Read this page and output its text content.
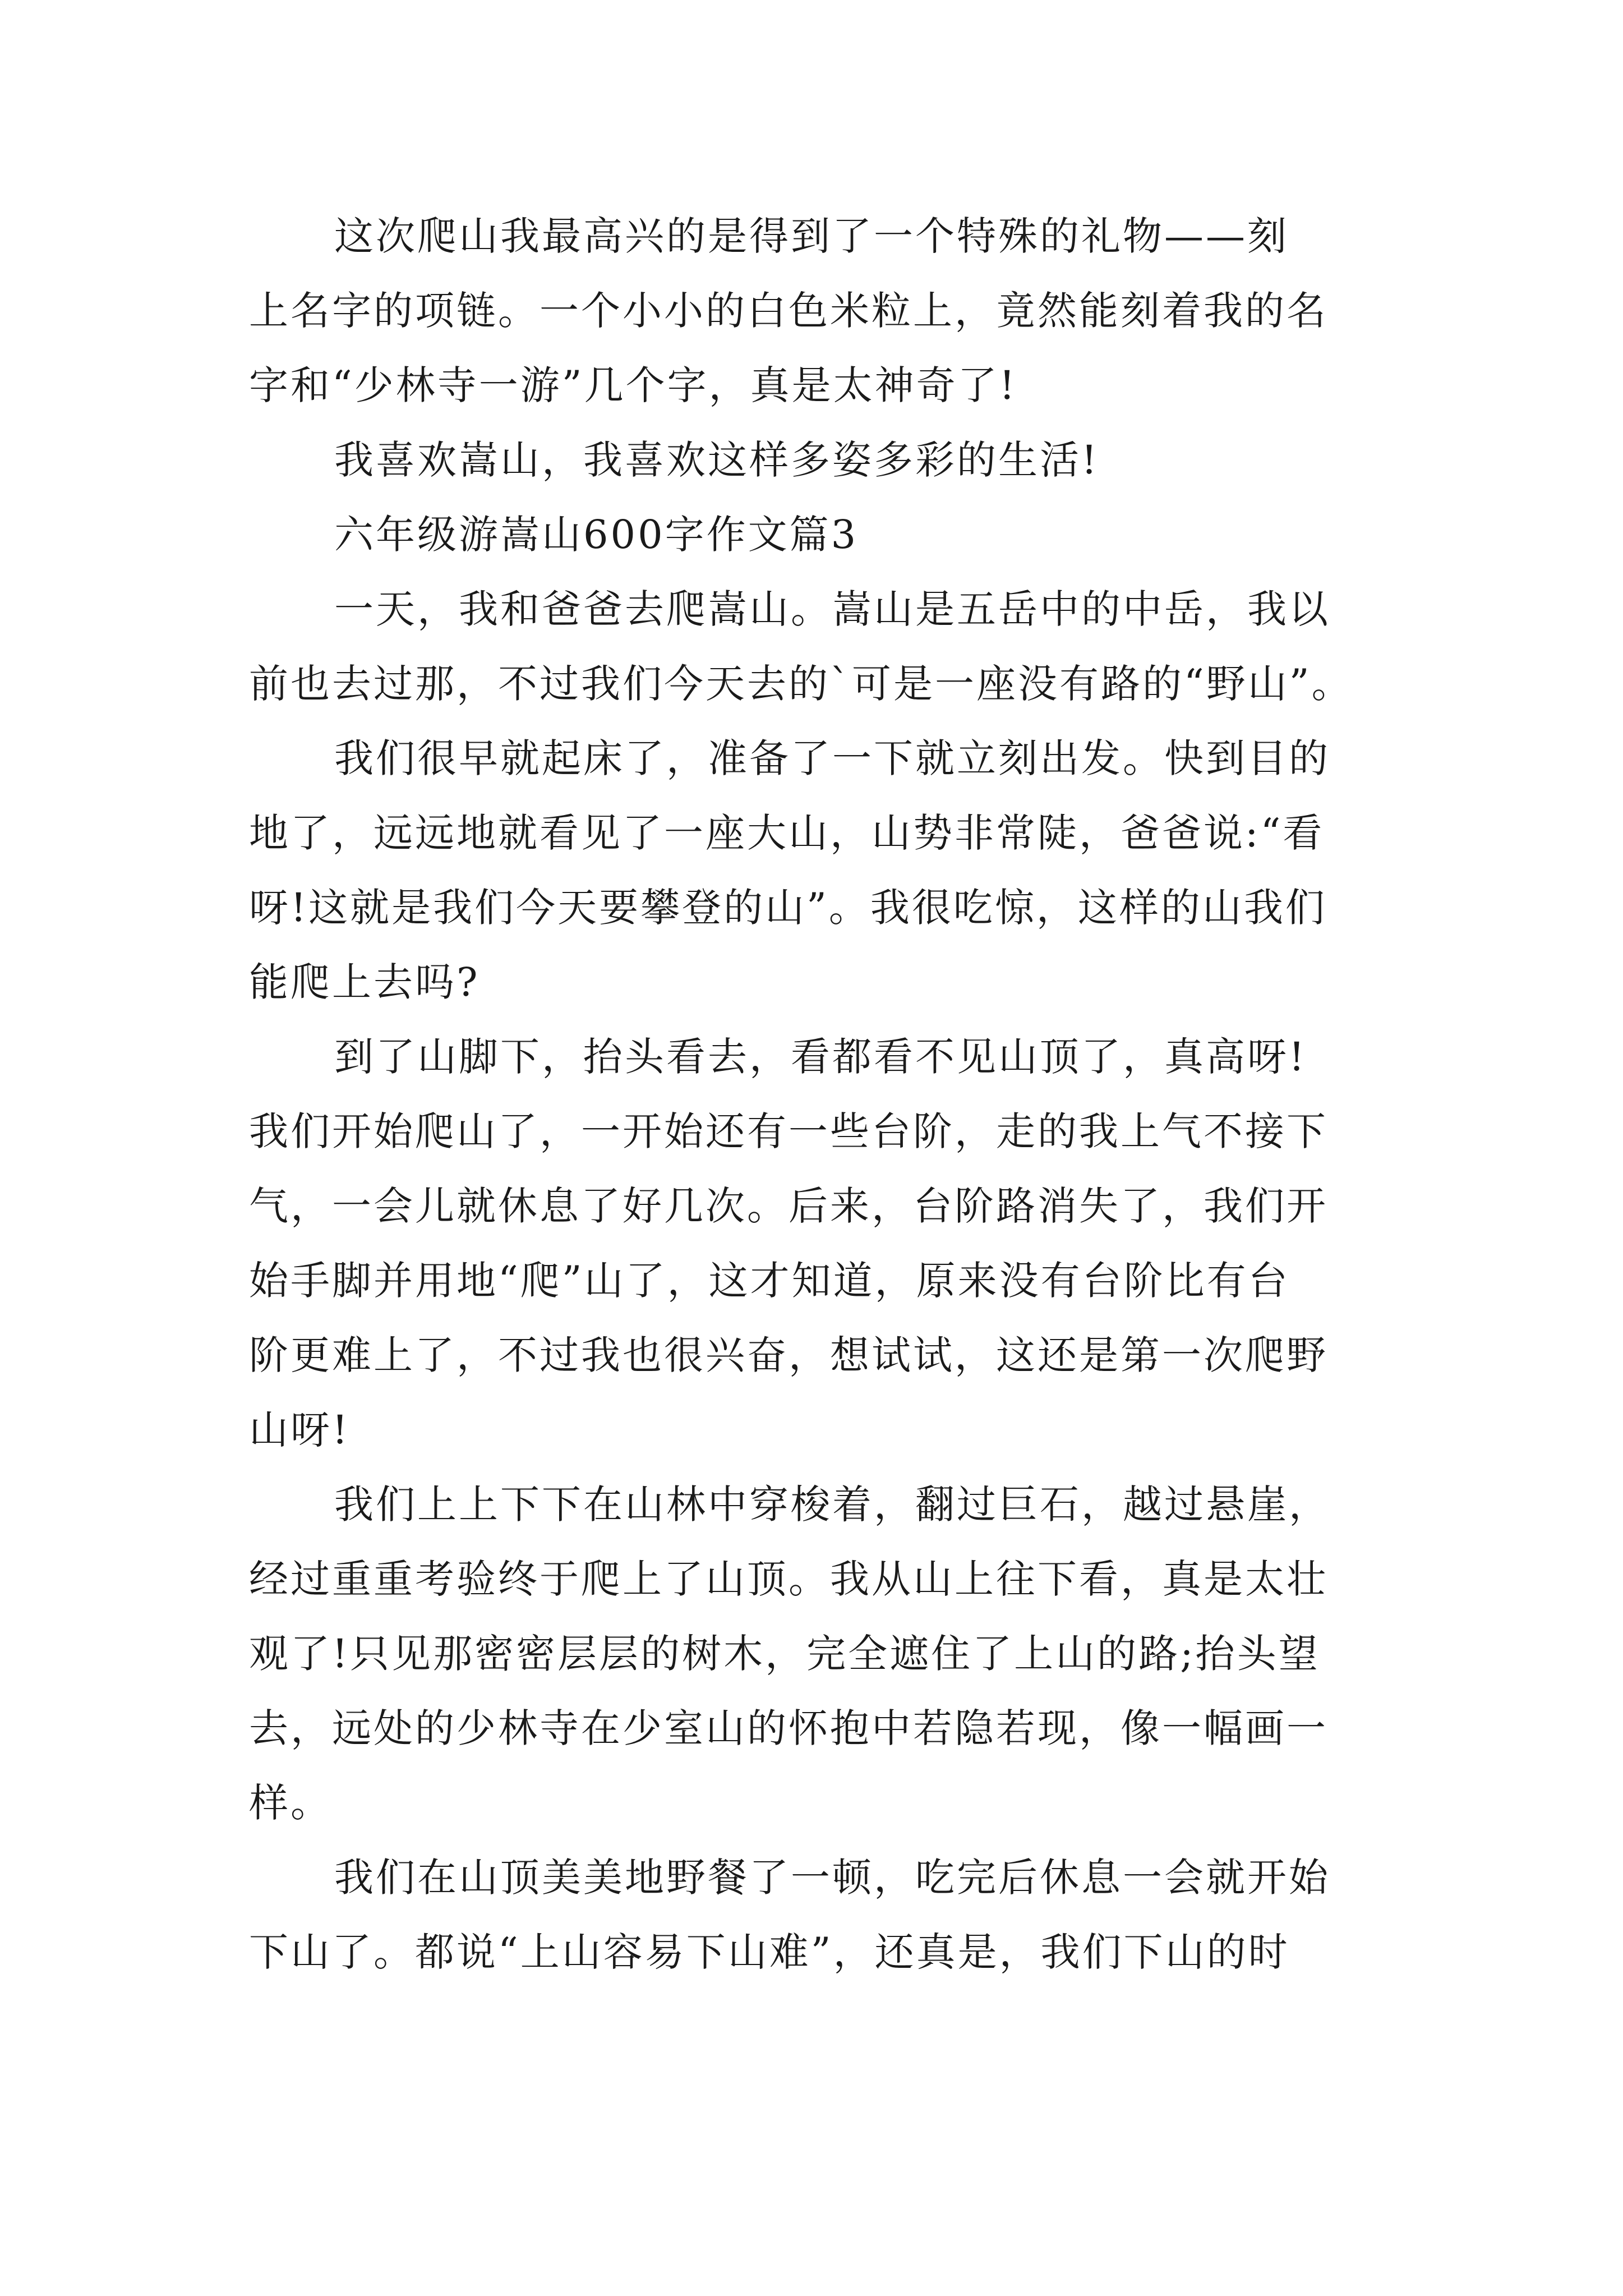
这次爬山我最高兴的是得到了一个特殊的礼物——刻
上名字的项链。一个小小的白色米粒上，竟然能刻着我的名
字和“少林寺一游”几个字，真是太神奇了!
我喜欢嵩山，我喜欢这样多姿多彩的生活!
六年级游嵩山600字作文篇3
一天，我和爸爸去爬嵩山。嵩山是五岳中的中岳，我以
前也去过那，不过我们今天去的`可是一座没有路的“野山”。
我们很早就起床了，准备了一下就立刻出发。快到目的
地了，远远地就看见了一座大山，山势非常陡，爸爸说:“看
呀!这就是我们今天要攀登的山”。我很吃惊，这样的山我们
能爬上去吗?
到了山脚下，抬头看去，看都看不见山顶了，真高呀!
我们开始爬山了，一开始还有一些台阶，走的我上气不接下
气，一会儿就休息了好几次。后来，台阶路消失了，我们开
始手脚并用地“爬”山了，这才知道，原来没有台阶比有台
阶更难上了，不过我也很兴奋，想试试，这还是第一次爬野
山呀!
我们上上下下在山林中穿梭着，翻过巨石，越过悬崖，
经过重重考验终于爬上了山顶。我从山上往下看，真是太壮
观了!只见那密密层层的树木，完全遮住了上山的路;抬头望
去，远处的少林寺在少室山的怀抱中若隐若现，像一幅画一
样。
我们在山顶美美地野餐了一顿，吃完后休息一会就开始
下山了。都说“上山容易下山难”，还真是，我们下山的时
